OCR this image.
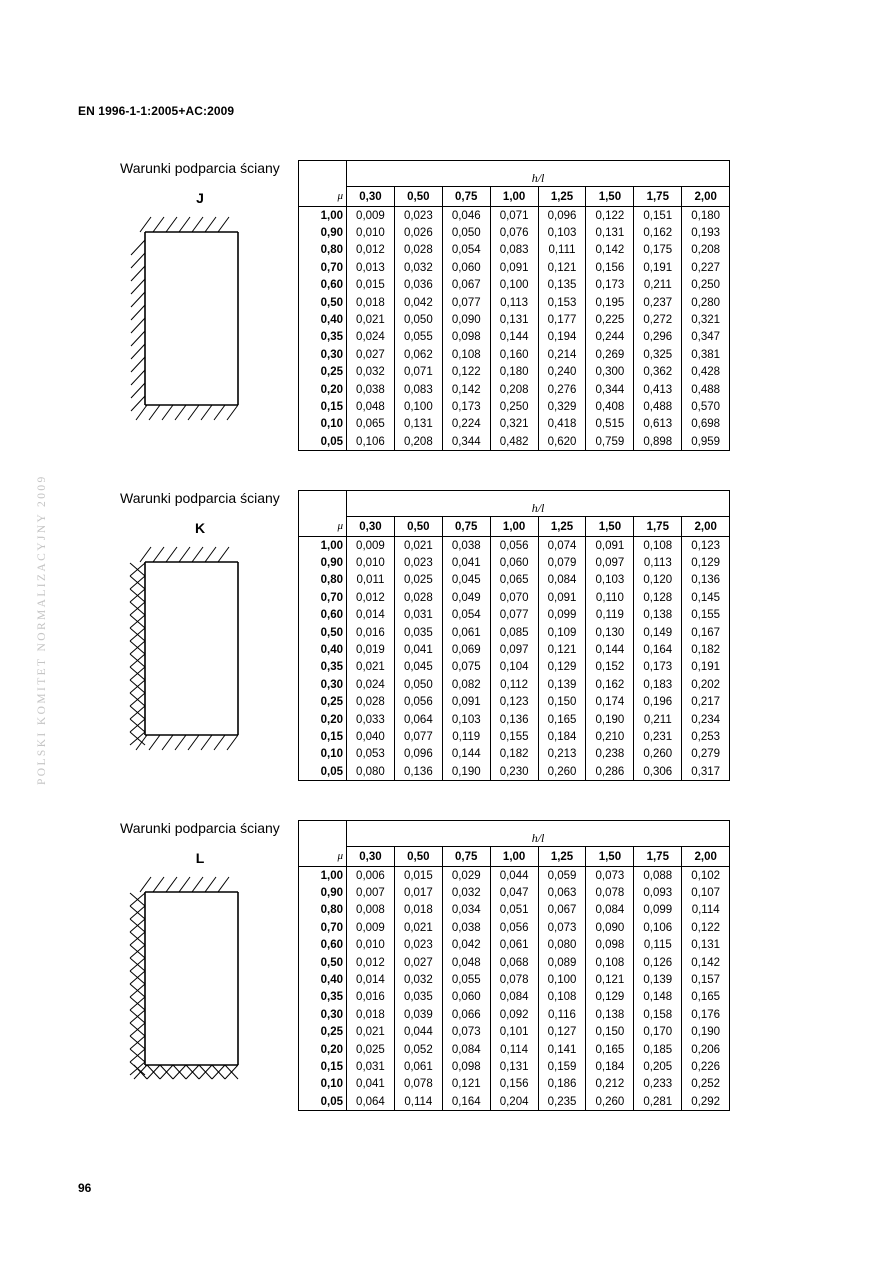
EN 1996-1-1:2005+AC:2009
POLSKI KOMITET NORMALIZACYJNY 2009
Warunki podparcia ściany
J
	h/l							
μ	0,30	0,50	0,75	1,00	1,25	1,50	1,75	2,00
1,00	0,009	0,023	0,046	0,071	0,096	0,122	0,151	0,180
0,90	0,010	0,026	0,050	0,076	0,103	0,131	0,162	0,193
0,80	0,012	0,028	0,054	0,083	0,111	0,142	0,175	0,208
0,70	0,013	0,032	0,060	0,091	0,121	0,156	0,191	0,227
0,60	0,015	0,036	0,067	0,100	0,135	0,173	0,211	0,250
0,50	0,018	0,042	0,077	0,113	0,153	0,195	0,237	0,280
0,40	0,021	0,050	0,090	0,131	0,177	0,225	0,272	0,321
0,35	0,024	0,055	0,098	0,144	0,194	0,244	0,296	0,347
0,30	0,027	0,062	0,108	0,160	0,214	0,269	0,325	0,381
0,25	0,032	0,071	0,122	0,180	0,240	0,300	0,362	0,428
0,20	0,038	0,083	0,142	0,208	0,276	0,344	0,413	0,488
0,15	0,048	0,100	0,173	0,250	0,329	0,408	0,488	0,570
0,10	0,065	0,131	0,224	0,321	0,418	0,515	0,613	0,698
0,05	0,106	0,208	0,344	0,482	0,620	0,759	0,898	0,959
Warunki podparcia ściany
K
	h/l							
μ	0,30	0,50	0,75	1,00	1,25	1,50	1,75	2,00
1,00	0,009	0,021	0,038	0,056	0,074	0,091	0,108	0,123
0,90	0,010	0,023	0,041	0,060	0,079	0,097	0,113	0,129
0,80	0,011	0,025	0,045	0,065	0,084	0,103	0,120	0,136
0,70	0,012	0,028	0,049	0,070	0,091	0,110	0,128	0,145
0,60	0,014	0,031	0,054	0,077	0,099	0,119	0,138	0,155
0,50	0,016	0,035	0,061	0,085	0,109	0,130	0,149	0,167
0,40	0,019	0,041	0,069	0,097	0,121	0,144	0,164	0,182
0,35	0,021	0,045	0,075	0,104	0,129	0,152	0,173	0,191
0,30	0,024	0,050	0,082	0,112	0,139	0,162	0,183	0,202
0,25	0,028	0,056	0,091	0,123	0,150	0,174	0,196	0,217
0,20	0,033	0,064	0,103	0,136	0,165	0,190	0,211	0,234
0,15	0,040	0,077	0,119	0,155	0,184	0,210	0,231	0,253
0,10	0,053	0,096	0,144	0,182	0,213	0,238	0,260	0,279
0,05	0,080	0,136	0,190	0,230	0,260	0,286	0,306	0,317
Warunki podparcia ściany
L
	h/l							
μ	0,30	0,50	0,75	1,00	1,25	1,50	1,75	2,00
1,00	0,006	0,015	0,029	0,044	0,059	0,073	0,088	0,102
0,90	0,007	0,017	0,032	0,047	0,063	0,078	0,093	0,107
0,80	0,008	0,018	0,034	0,051	0,067	0,084	0,099	0,114
0,70	0,009	0,021	0,038	0,056	0,073	0,090	0,106	0,122
0,60	0,010	0,023	0,042	0,061	0,080	0,098	0,115	0,131
0,50	0,012	0,027	0,048	0,068	0,089	0,108	0,126	0,142
0,40	0,014	0,032	0,055	0,078	0,100	0,121	0,139	0,157
0,35	0,016	0,035	0,060	0,084	0,108	0,129	0,148	0,165
0,30	0,018	0,039	0,066	0,092	0,116	0,138	0,158	0,176
0,25	0,021	0,044	0,073	0,101	0,127	0,150	0,170	0,190
0,20	0,025	0,052	0,084	0,114	0,141	0,165	0,185	0,206
0,15	0,031	0,061	0,098	0,131	0,159	0,184	0,205	0,226
0,10	0,041	0,078	0,121	0,156	0,186	0,212	0,233	0,252
0,05	0,064	0,114	0,164	0,204	0,235	0,260	0,281	0,292
96
